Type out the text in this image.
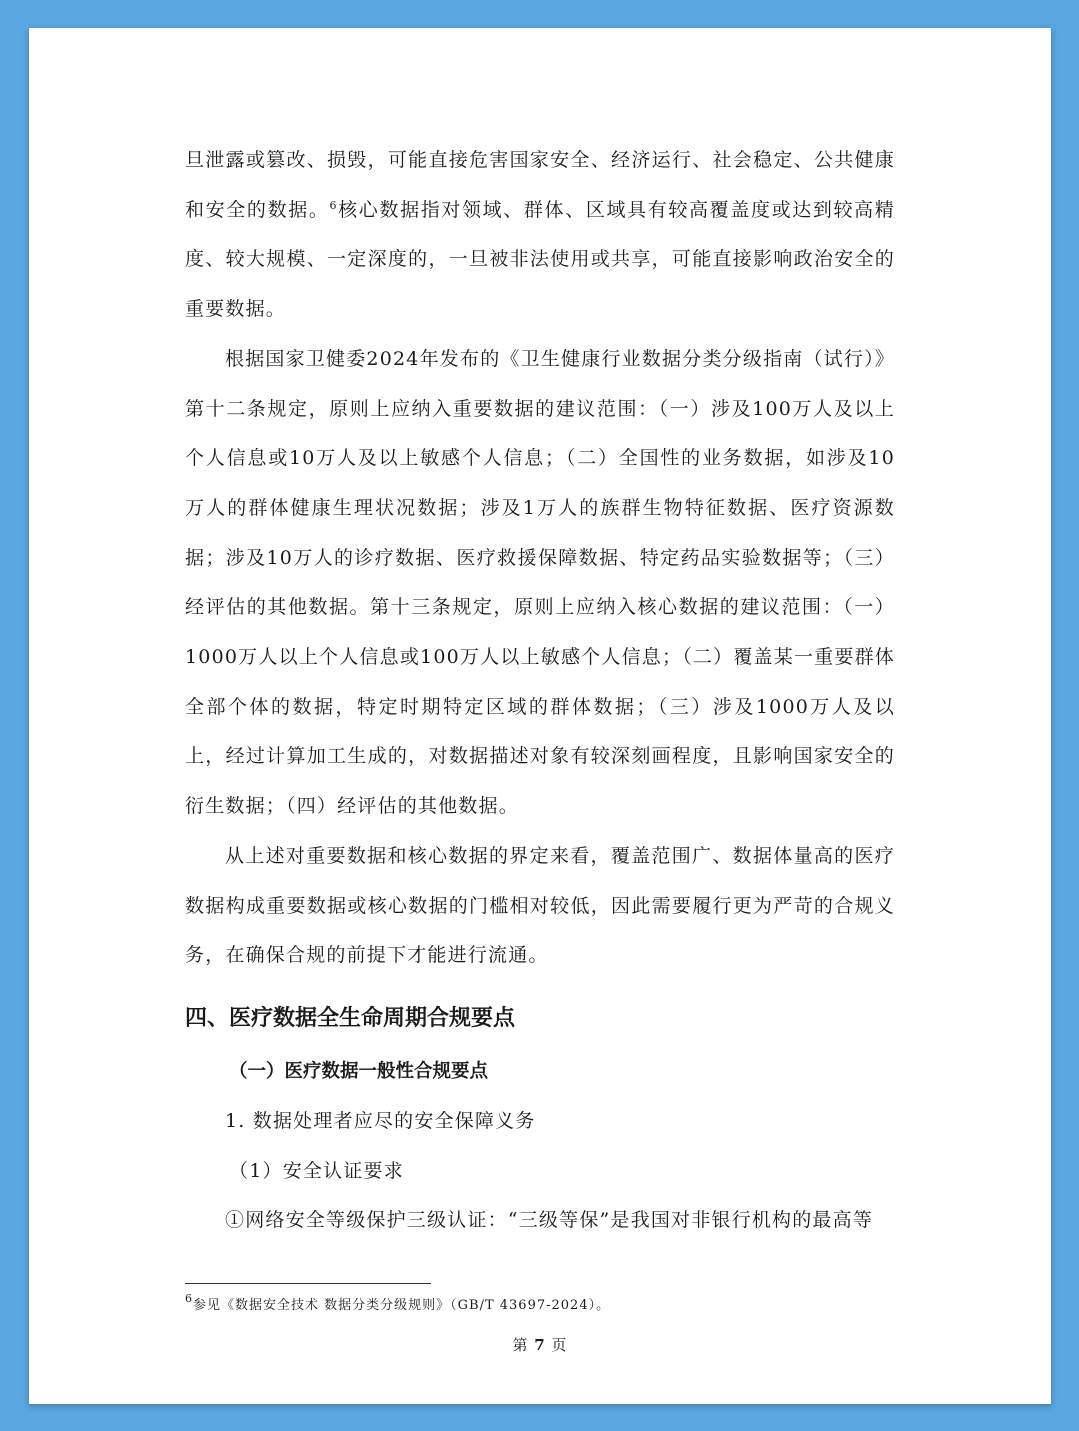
旦泄露或篡改、损毁，可能直接危害国家安全、经济运行、社会稳定、公共健康和安全的数据。$^6$核心数据指对领域、群体、区域具有较高覆盖度或达到较高精度、较大规模、一定深度的，一旦被非法使用或共享，可能直接影响政治安全的重要数据。

根据国家卫健委2024年发布的《卫生健康行业数据分类分级指南（试行）》第十二条规定，原则上应纳入重要数据的建议范围：（一）涉及100万人及以上个人信息或10万人及以上敏感个人信息；（二）全国性的业务数据，如涉及10万人的群体健康生理状况数据；涉及1万人的族群生物特征数据、医疗资源数据；涉及10万人的诊疗数据、医疗救援保障数据、特定药品实验数据等；（三）经评估的其他数据。第十三条规定，原则上应纳入核心数据的建议范围：（一）1000万人以上个人信息或100万人以上敏感个人信息；（二）覆盖某一重要群体全部个体的数据，特定时期特定区域的群体数据；（三）涉及1000万人及以上，经过计算加工生成的，对数据描述对象有较深刻画程度，且影响国家安全的衍生数据；（四）经评估的其他数据。

从上述对重要数据和核心数据的界定来看，覆盖范围广、数据体量高的医疗数据构成重要数据或核心数据的门槛相对较低，因此需要履行更为严苛的合规义务，在确保合规的前提下才能进行流通。

四、医疗数据全生命周期合规要点
（一）医疗数据一般性合规要点

1. 数据处理者应尽的安全保障义务

（1）安全认证要求

①网络安全等级保护三级认证：“三级等保”是我国对非银行机构的最高等

$^6$参见《数据安全技术 数据分类分级规则》（GB/T 43697-2024）。
第 7 页
